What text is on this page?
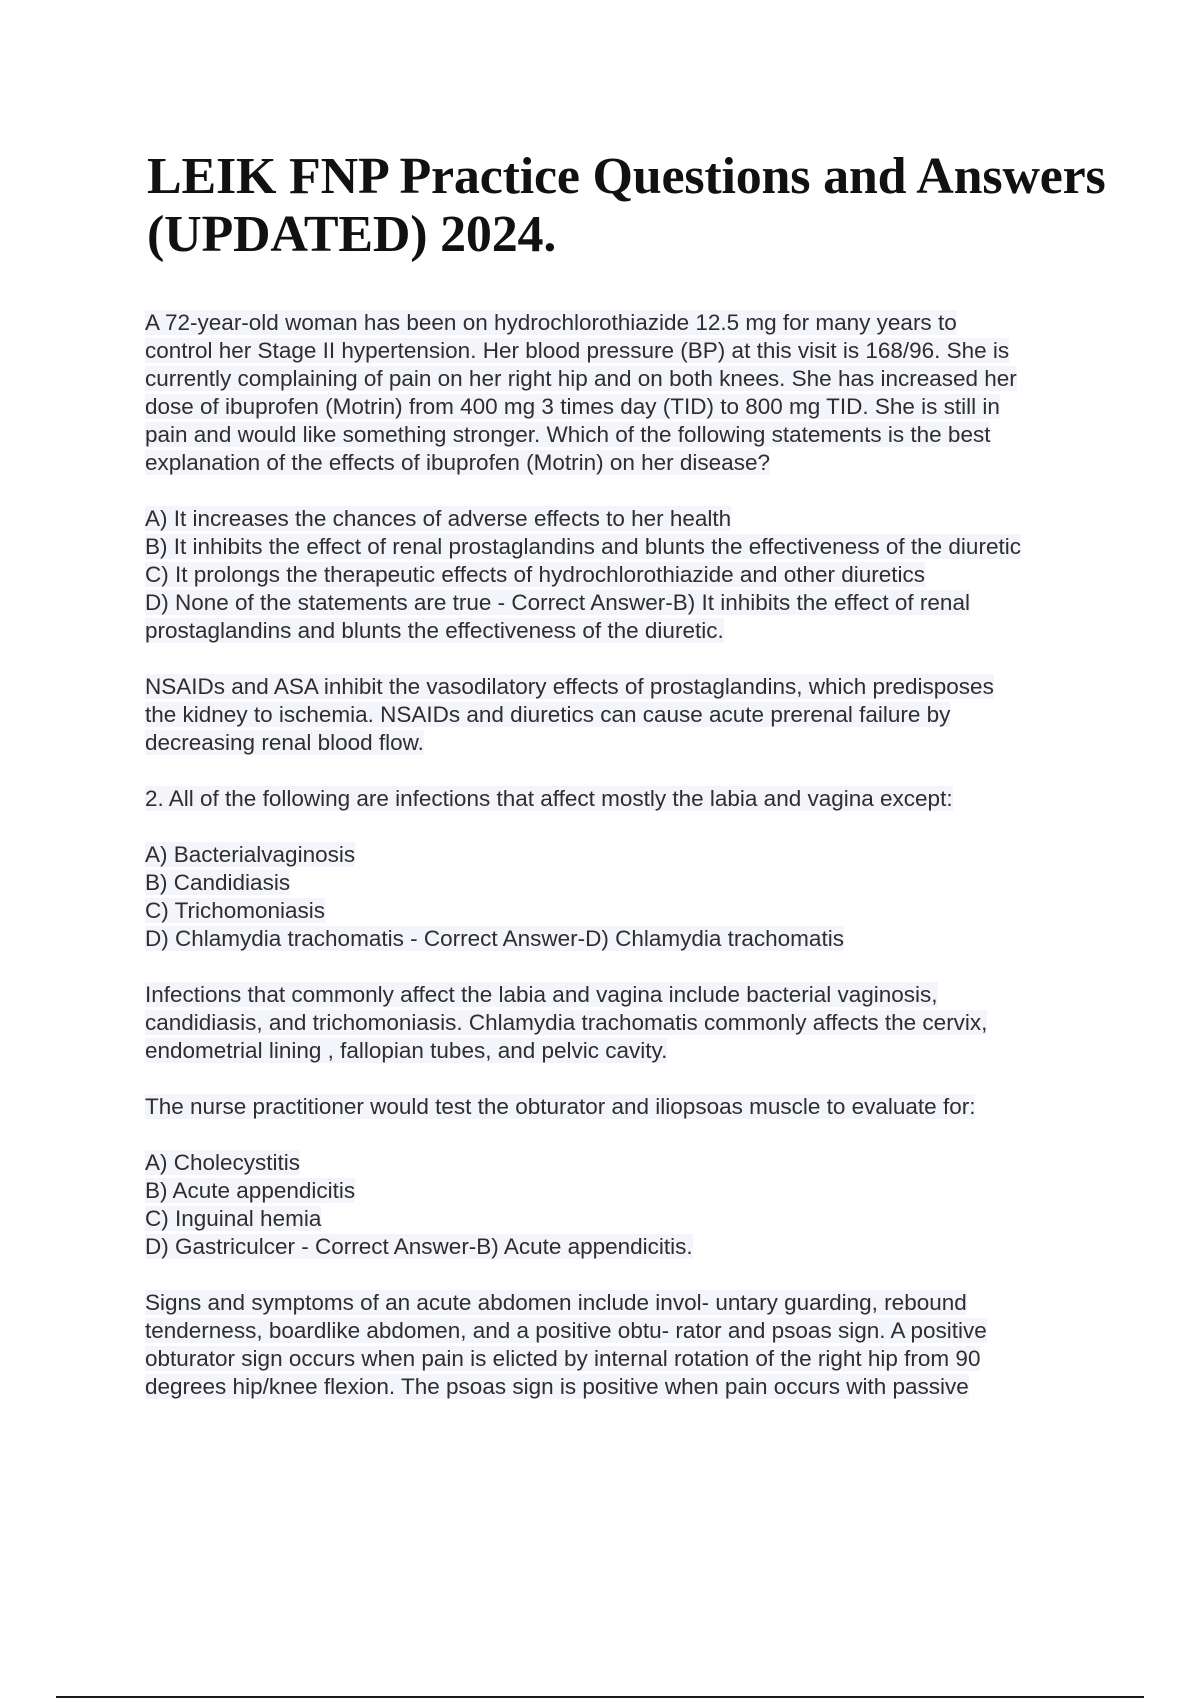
LEIK FNP Practice Questions and Answers
(UPDATED) 2024.

A 72-year-old woman has been on hydrochlorothiazide 12.5 mg for many years to
control her Stage II hypertension. Her blood pressure (BP) at this visit is 168/96. She is
currently complaining of pain on her right hip and on both knees. She has increased her
dose of ibuprofen (Motrin) from 400 mg 3 times day (TID) to 800 mg TID. She is still in
pain and would like something stronger. Which of the following statements is the best
explanation of the effects of ibuprofen (Motrin) on her disease?

A) It increases the chances of adverse effects to her health
B) It inhibits the effect of renal prostaglandins and blunts the effectiveness of the diuretic
C) It prolongs the therapeutic effects of hydrochlorothiazide and other diuretics
D) None of the statements are true - Correct Answer-B) It inhibits the effect of renal
prostaglandins and blunts the effectiveness of the diuretic.

NSAIDs and ASA inhibit the vasodilatory effects of prostaglandins, which predisposes
the kidney to ischemia. NSAIDs and diuretics can cause acute prerenal failure by
decreasing renal blood flow.

2. All of the following are infections that affect mostly the labia and vagina except:

A) Bacterialvaginosis
B) Candidiasis
C) Trichomoniasis
D) Chlamydia trachomatis - Correct Answer-D) Chlamydia trachomatis

Infections that commonly affect the labia and vagina include bacterial vaginosis,
candidiasis, and trichomoniasis. Chlamydia trachomatis commonly affects the cervix,
endometrial lining , fallopian tubes, and pelvic cavity.

The nurse practitioner would test the obturator and iliopsoas muscle to evaluate for:

A) Cholecystitis
B) Acute appendicitis
C) Inguinal hemia
D) Gastriculcer - Correct Answer-B) Acute appendicitis.

Signs and symptoms of an acute abdomen include invol- untary guarding, rebound
tenderness, boardlike abdomen, and a positive obtu- rator and psoas sign. A positive
obturator sign occurs when pain is elicted by internal rotation of the right hip from 90
degrees hip/knee flexion. The psoas sign is positive when pain occurs with passive
